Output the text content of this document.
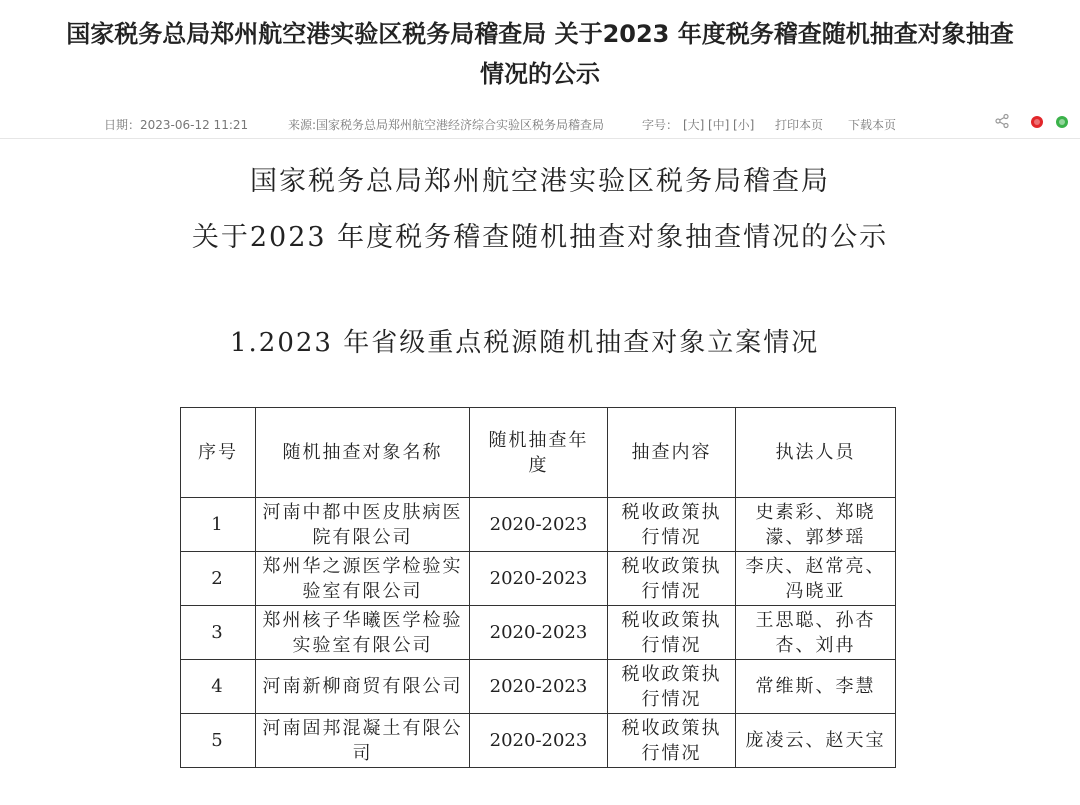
国家税务总局郑州航空港实验区税务局稽查局 关于2023 年度税务稽查随机抽查对象抽查
情况的公示
日期：2023-06-12 11:21	来源:国家税务总局郑州航空港经济综合实验区税务局稽查局	字号： [大] [中] [小] 打印本页 下载本页
国家税务总局郑州航空港实验区税务局稽查局
关于2023 年度税务稽查随机抽查对象抽查情况的公示
1.2023 年省级重点税源随机抽查对象立案情况
序号	随机抽查对象名称	随机抽查年度	抽查内容	执法人员
1	河南中都中医皮肤病医院有限公司	2020-2023	税收政策执行情况	史素彩、郑晓濛、郭梦瑶
2	郑州华之源医学检验实验室有限公司	2020-2023	税收政策执行情况	李庆、赵常亮、冯晓亚
3	郑州核子华曦医学检验实验室有限公司	2020-2023	税收政策执行情况	王思聪、孙杏杏、刘冉
4	河南新柳商贸有限公司	2020-2023	税收政策执行情况	常维斯、李慧
5	河南固邦混凝土有限公司	2020-2023	税收政策执行情况	庞凌云、赵天宝
